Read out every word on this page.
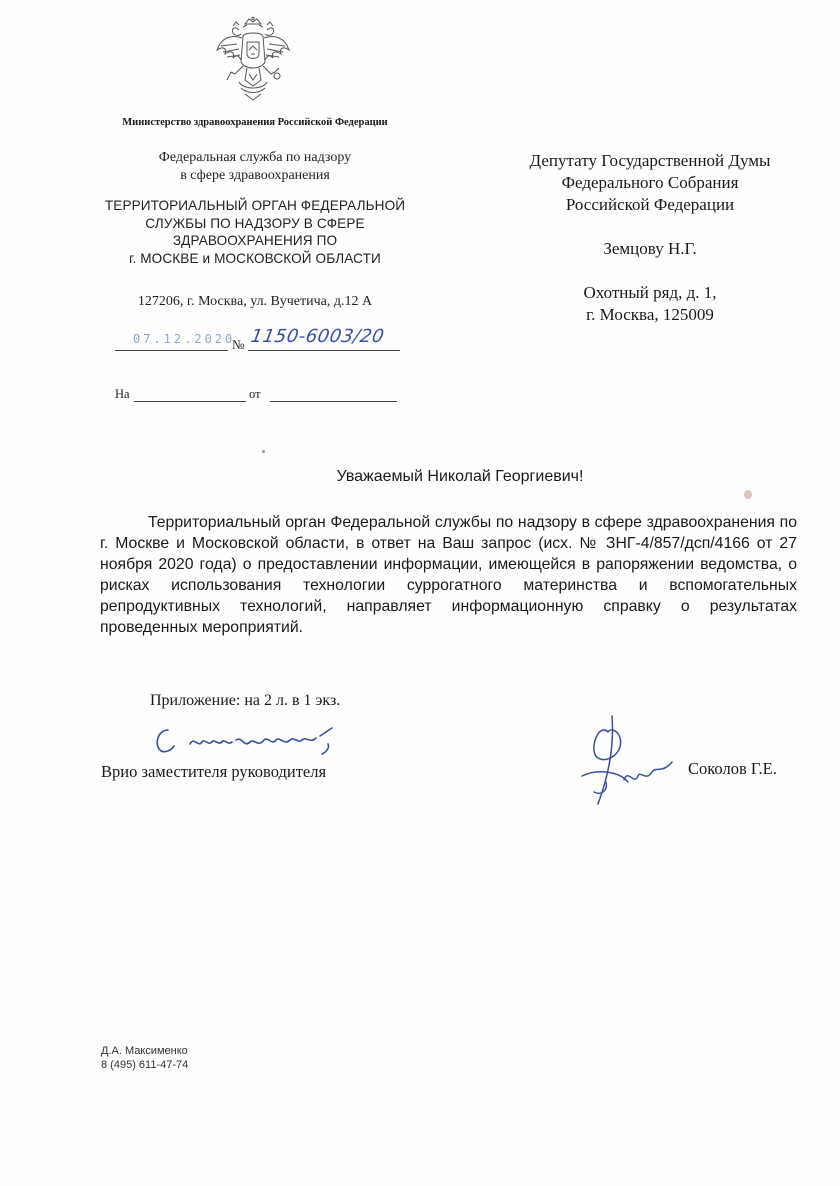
Министерство здравоохранения Российской Федерации
Федеральная служба по надзору
в сфере здравоохранения
ТЕРРИТОРИАЛЬНЫЙ ОРГАН ФЕДЕРАЛЬНОЙ
СЛУЖБЫ ПО НАДЗОРУ В СФЕРЕ
ЗДРАВООХРАНЕНИЯ ПО
г. МОСКВЕ и МОСКОВСКОЙ ОБЛАСТИ
127206, г. Москва, ул. Вучетича, д.12 А
07.12.2020
№ 1150-6003/20
На	от
Депутату Государственной Думы
Федерального Собрания
Российской Федерации
Земцову Н.Г.
Охотный ряд, д. 1,
г. Москва, 125009
Уважаемый Николай Георгиевич!

Территориальный орган Федеральной службы по надзору в сфере здравоохранения по г. Москве и Московской области, в ответ на Ваш запрос (исх. № ЗНГ-4/857/дсп/4166 от 27 ноября 2020 года) о предоставлении информации, имеющейся в рапоряжении ведомства, о рисках использования технологии суррогатного материнства и вспомогательных репродуктивных технологий, направляет информационную справку о результатах проведенных мероприятий.

Приложение: на 2 л. в 1 экз.
Врио заместителя руководителя	Соколов Г.Е.
Д.А. Максименко
8 (495) 611-47-74
